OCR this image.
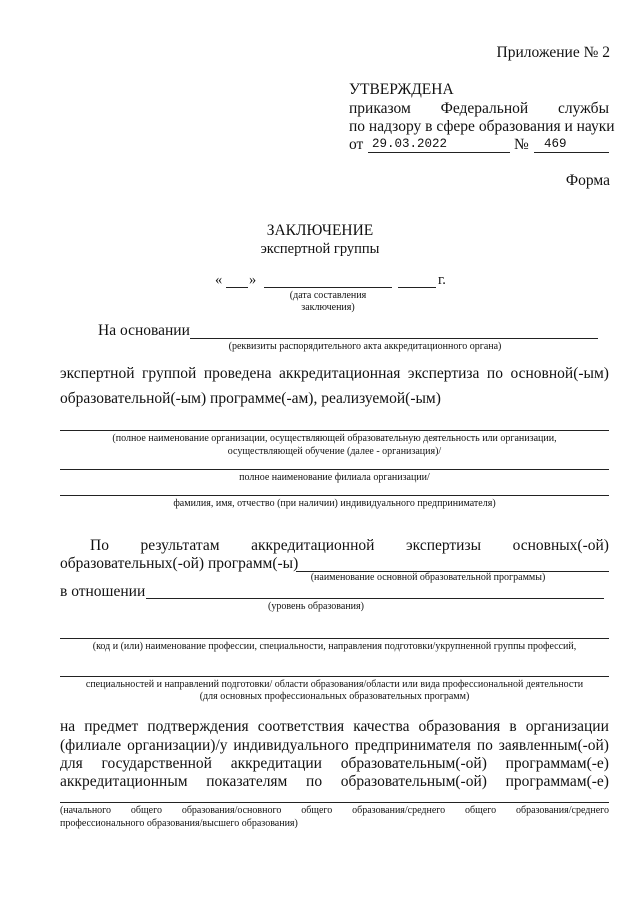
Приложение № 2
УТВЕРЖДЕНА
приказом Федеральной службы
по надзору в сфере образования и науки
от 29.03.2022	№ 469
Форма
ЗАКЛЮЧЕНИЕ
экспертной группы
« »	г.
(дата составления
заключения)
На основании
(реквизиты распорядительного акта аккредитационного органа)
экспертной группой проведена аккредитационная экспертиза по основной(-ым)
образовательной(-ым) программе(-ам), реализуемой(-ым)
(полное наименование организации, осуществляющей образовательную деятельность или организации,
осуществляющей обучение (далее - организация)/
полное наименование филиала организации/
фамилия, имя, отчество (при наличии) индивидуального предпринимателя)
По результатам аккредитационной экспертизы основных(-ой)
образовательных(-ой) программ(-ы)
(наименование основной образовательной программы)
в отношении
(уровень образования)
(код и (или) наименование профессии, специальности, направления подготовки/укрупненной группы профессий,
специальностей и направлений подготовки/ области образования/области или вида профессиональной деятельности
(для основных профессиональных образовательных программ)
на предмет подтверждения соответствия качества образования в организации
(филиале организации)/у индивидуального предпринимателя по заявленным(-ой)
для государственной аккредитации образовательным(-ой) программам(-е)
аккредитационным показателям по образовательным(-ой) программам(-е)
(начального общего образования/основного общего образования/среднего общего образования/среднего
профессионального образования/высшего образования)
